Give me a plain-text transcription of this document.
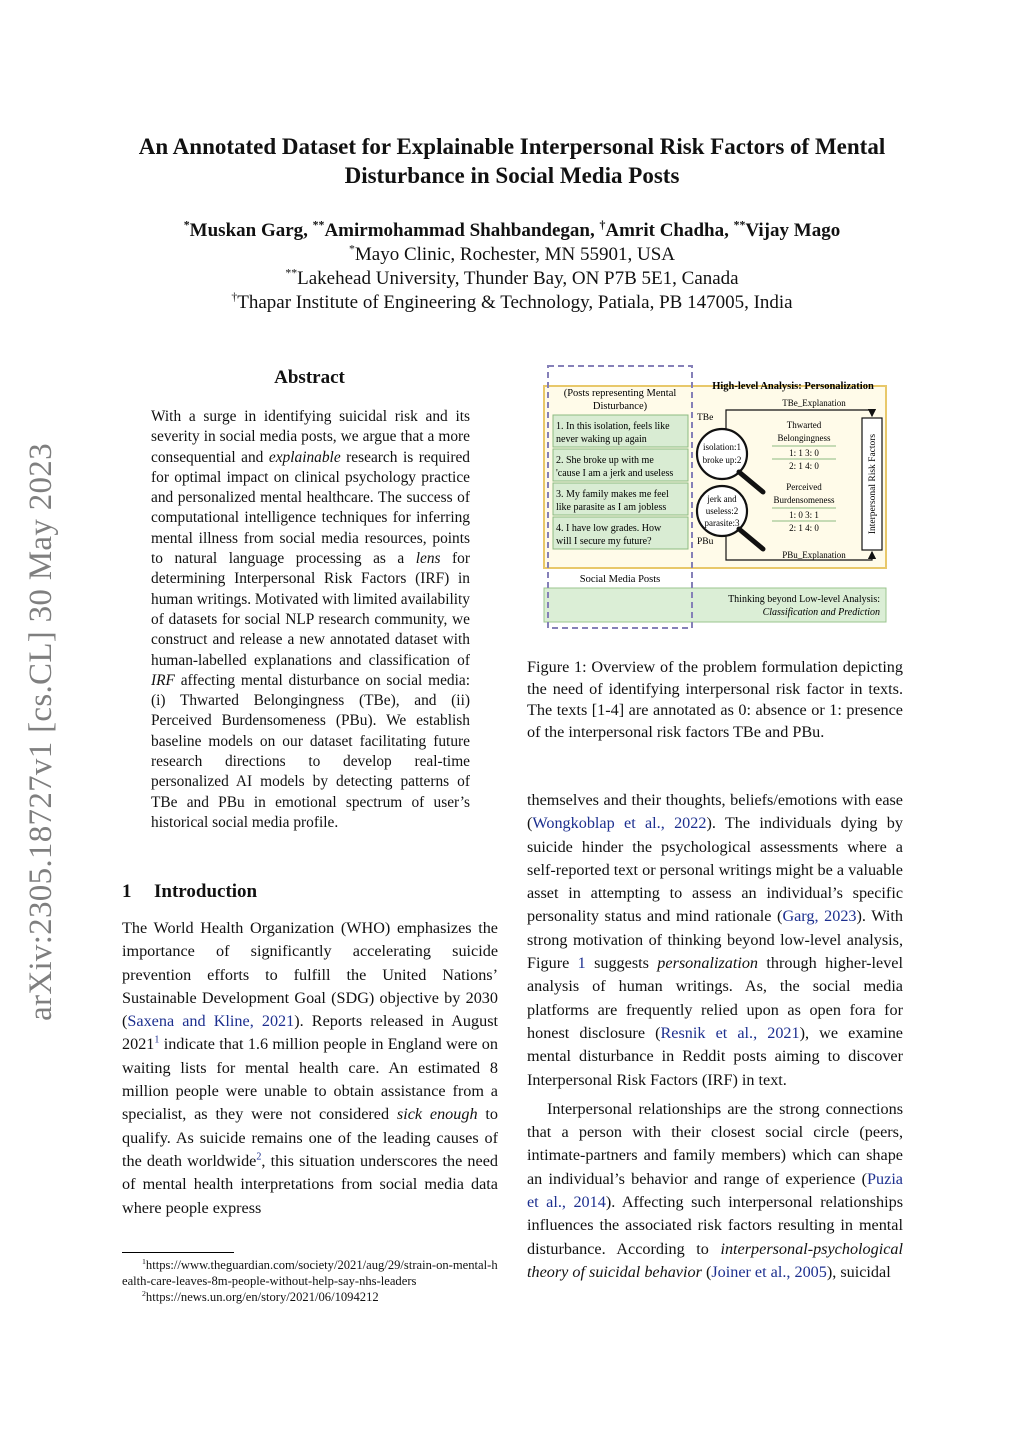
arXiv:2305.18727v1 [cs.CL] 30 May 2023
An Annotated Dataset for Explainable Interpersonal Risk Factors of Mental Disturbance in Social Media Posts
*Muskan Garg, **Amirmohammad Shahbandegan, †Amrit Chadha, **Vijay Mago
*Mayo Clinic, Rochester, MN 55901, USA
**Lakehead University, Thunder Bay, ON P7B 5E1, Canada
†Thapar Institute of Engineering & Technology, Patiala, PB 147005, India
Abstract
With a surge in identifying suicidal risk and its severity in social media posts, we argue that a more consequential and explainable research is required for optimal impact on clinical psychology practice and personalized mental healthcare. The success of computational intelligence techniques for inferring mental illness from social media resources, points to natural language processing as a lens for determining Interpersonal Risk Factors (IRF) in human writings. Motivated with limited availability of datasets for social NLP research community, we construct and release a new annotated dataset with human-labelled explanations and classification of IRF affecting mental disturbance on social media: (i) Thwarted Belongingness (TBe), and (ii) Perceived Burdensomeness (PBu). We establish baseline models on our dataset facilitating future research directions to develop real-time personalized AI models by detecting patterns of TBe and PBu in emotional spectrum of user’s historical social media profile.
1 Introduction

The World Health Organization (WHO) emphasizes the importance of significantly accelerating suicide prevention efforts to fulfill the United Nations’ Sustainable Development Goal (SDG) objective by 2030 (Saxena and Kline, 2021). Reports released in August 2021$^1$ indicate that 1.6 million people in England were on waiting lists for mental health care. An estimated 8 million people were unable to obtain assistance from a specialist, as they were not considered sick enough to qualify. As suicide remains one of the leading causes of the death worldwide$^2$, this situation underscores the need of mental health interpretations from social media data where people express

$^1$https://www.theguardian.com/society/2021/aug/29/strain-on-mental-health-care-leaves-8m-people-without-help-say-nhs-leaders

$^2$https://news.un.org/en/story/2021/06/1094212

(Posts representing Mental
Disturbance)
1. In this isolation, feels like
never waking up again
2. She broke up with me
'cause I am a jerk and useless
3. My family makes me feel
like parasite as I am jobless
4. I have low grades. How
will I secure my future?
Social Media Posts
High-level Analysis: Personalization
TBe_Explanation
TBe
PBu
isolation:1
broke up:2
jerk and
useless:2
parasite:3
Thwarted
Belongingness
1: 1 3: 0
2: 1 4: 0
Perceived
Burdensomeness
1: 0 3: 1
2: 1 4: 0
PBu_Explanation
Interpersonal Risk Factors
Thinking beyond Low-level Analysis:
Classification and Prediction
Figure 1: Overview of the problem formulation depicting the need of identifying interpersonal risk factor in texts. The texts [1-4] are annotated as 0: absence or 1: presence of the interpersonal risk factors TBe and PBu.

themselves and their thoughts, beliefs/emotions with ease (Wongkoblap et al., 2022). The individuals dying by suicide hinder the psychological assessments where a self-reported text or personal writings might be a valuable asset in attempting to assess an individual’s specific personality status and mind rationale (Garg, 2023). With strong motivation of thinking beyond low-level analysis, Figure 1 suggests personalization through higher-level analysis of human writings. As, the social media platforms are frequently relied upon as open fora for honest disclosure (Resnik et al., 2021), we examine mental disturbance in Reddit posts aiming to discover Interpersonal Risk Factors (IRF) in text.

Interpersonal relationships are the strong connections that a person with their closest social circle (peers, intimate-partners and family members) which can shape an individual’s behavior and range of experience (Puzia et al., 2014). Affecting such interpersonal relationships influences the associated risk factors resulting in mental disturbance. According to interpersonal-psychological theory of suicidal behavior (Joiner et al., 2005), suicidal
